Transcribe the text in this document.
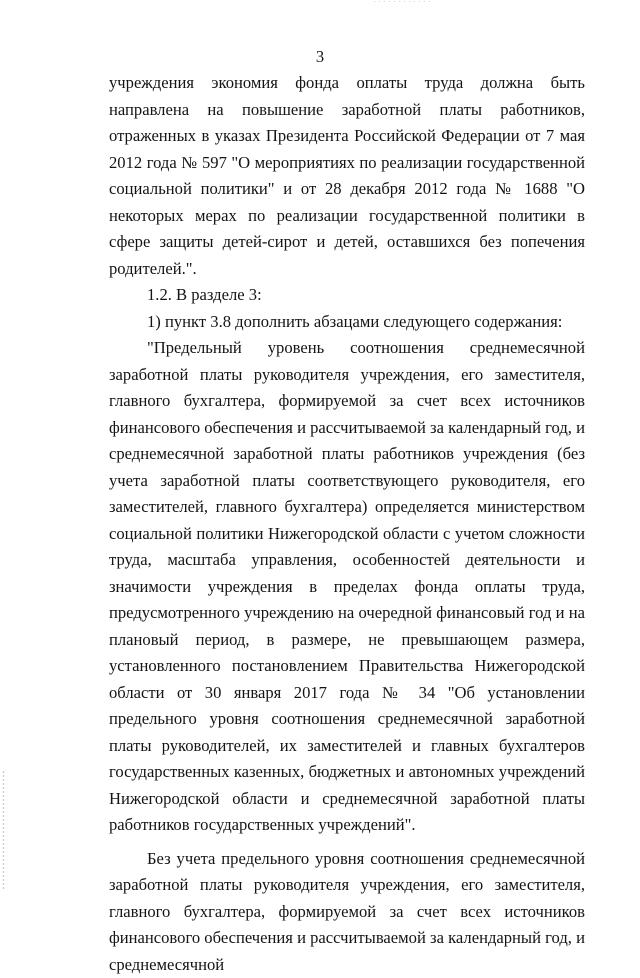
3

учреждения экономия фонда оплаты труда должна быть направлена на повышение заработной платы работников, отраженных в указах Президента Российской Федерации от 7 мая 2012 года № 597 "О мероприятиях по реализации государственной социальной политики" и от 28 декабря 2012 года № 1688 "О некоторых мерах по реализации государственной политики в сфере защиты детей-сирот и детей, оставшихся без попечения родителей.".

1.2. В разделе 3:

1) пункт 3.8 дополнить абзацами следующего содержания:

"Предельный уровень соотношения среднемесячной заработной платы руководителя учреждения, его заместителя, главного бухгалтера, формируемой за счет всех источников финансового обеспечения и рассчитываемой за календарный год, и среднемесячной заработной платы работников учреждения (без учета заработной платы соответствующего руководителя, его заместителей, главного бухгалтера) определяется министерством социальной политики Нижегородской области с учетом сложности труда, масштаба управления, особенностей деятельности и значимости учреждения в пределах фонда оплаты труда, предусмотренного учреждению на очередной финансовый год и на плановый период, в размере, не превышающем размера, установленного постановлением Правительства Нижегородской области от 30 января 2017 года № 34 "Об установлении предельного уровня соотношения среднемесячной заработной платы руководителей, их заместителей и главных бухгалтеров государственных казенных, бюджетных и автономных учреждений Нижегородской области и среднемесячной заработной платы работников государственных учреждений".

Без учета предельного уровня соотношения среднемесячной заработной платы руководителя учреждения, его заместителя, главного бухгалтера, формируемой за счет всех источников финансового обеспечения и рассчитываемой за календарный год, и среднемесячной
